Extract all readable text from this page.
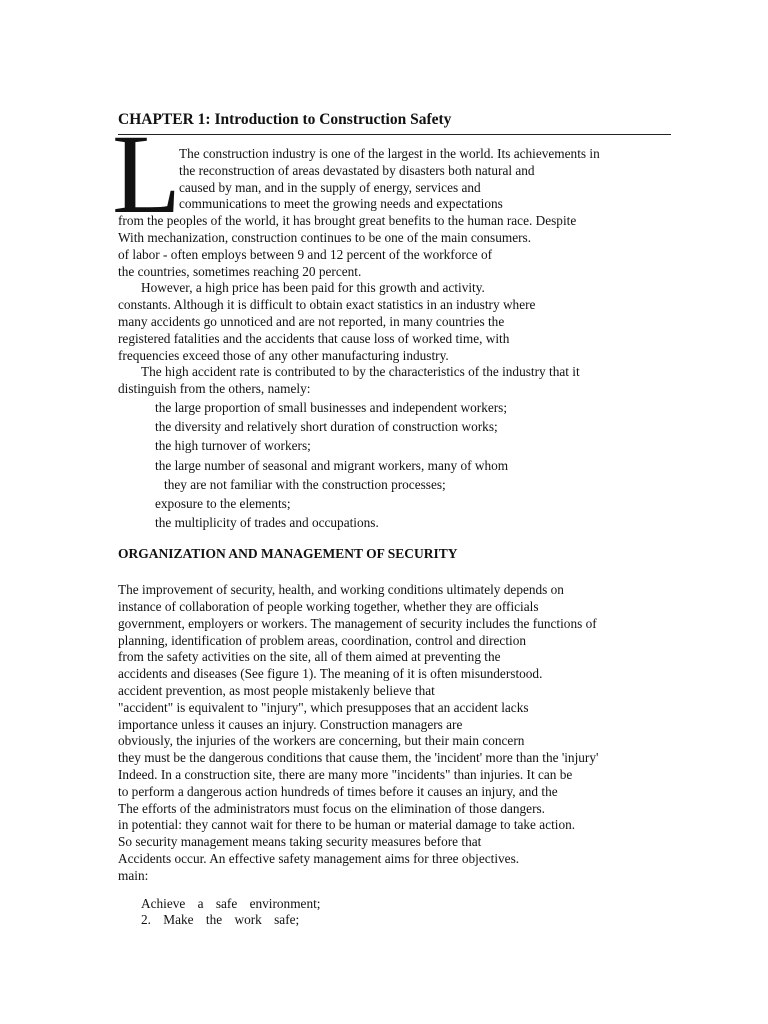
CHAPTER 1: Introduction to Construction Safety
L
The construction industry is one of the largest in the world. Its achievements in
the reconstruction of areas devastated by disasters both natural and
caused by man, and in the supply of energy, services and
communications to meet the growing needs and expectations
from the peoples of the world, it has brought great benefits to the human race. Despite
With mechanization, construction continues to be one of the main consumers.
of labor - often employs between 9 and 12 percent of the workforce of
the countries, sometimes reaching 20 percent.
However, a high price has been paid for this growth and activity.
constants. Although it is difficult to obtain exact statistics in an industry where
many accidents go unnoticed and are not reported, in many countries the
registered fatalities and the accidents that cause loss of worked time, with
frequencies exceed those of any other manufacturing industry.
The high accident rate is contributed to by the characteristics of the industry that it
distinguish from the others, namely:
the large proportion of small businesses and independent workers;
the diversity and relatively short duration of construction works;
the high turnover of workers;
the large number of seasonal and migrant workers, many of whom
they are not familiar with the construction processes;
exposure to the elements;
the multiplicity of trades and occupations.
ORGANIZATION AND MANAGEMENT OF SECURITY
The improvement of security, health, and working conditions ultimately depends on
instance of collaboration of people working together, whether they are officials
government, employers or workers. The management of security includes the functions of
planning, identification of problem areas, coordination, control and direction
from the safety activities on the site, all of them aimed at preventing the
accidents and diseases (See figure 1). The meaning of it is often misunderstood.
accident prevention, as most people mistakenly believe that
"accident" is equivalent to "injury", which presupposes that an accident lacks
importance unless it causes an injury. Construction managers are
obviously, the injuries of the workers are concerning, but their main concern
they must be the dangerous conditions that cause them, the 'incident' more than the 'injury'
Indeed. In a construction site, there are many more "incidents" than injuries. It can be
to perform a dangerous action hundreds of times before it causes an injury, and the
The efforts of the administrators must focus on the elimination of those dangers.
in potential: they cannot wait for there to be human or material damage to take action.
So security management means taking security measures before that
Accidents occur. An effective safety management aims for three objectives.
main:
Achieve a safe environment;
2. Make the work safe;
